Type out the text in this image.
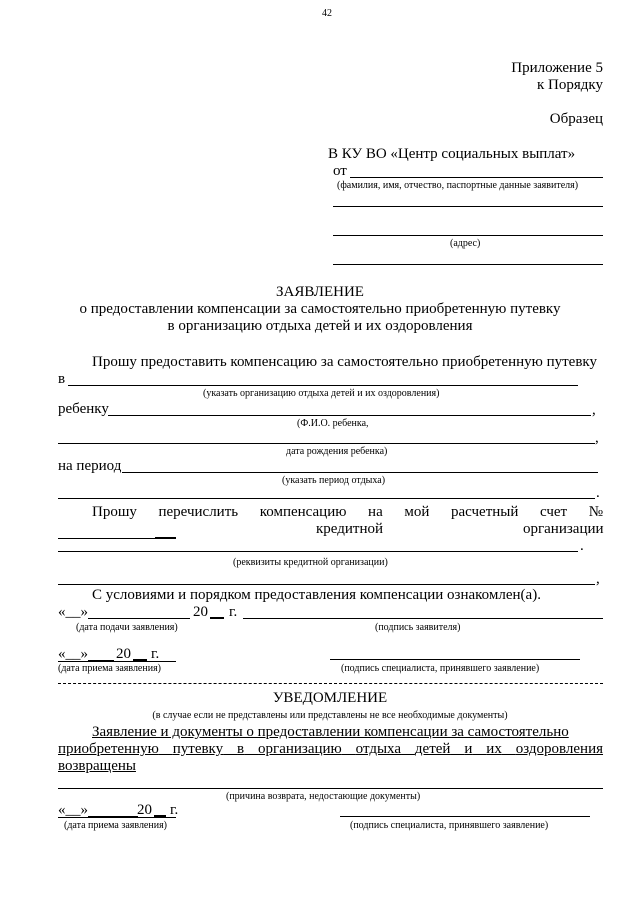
42
Приложение 5
к Порядку
Образец
В КУ ВО «Центр социальных выплат»
от
(фамилия, имя, отчество, паспортные данные заявителя)
(адрес)
ЗАЯВЛЕНИЕ
о предоставлении компенсации за самостоятельно приобретенную путевку
в организацию отдыха детей и их оздоровления
Прошу предоставить компенсацию за самостоятельно приобретенную путевку
в
(указать организацию отдыха детей и их оздоровления)
ребенку	,
(Ф.И.О. ребенка,
,
дата рождения ребенка)
на период
(указать период отдыха)
.
Прошу перечислить компенсацию на мой расчетный счет №
кредитной	организации
.
(реквизиты кредитной организации)
,
С условиями и порядком предоставления компенсации ознакомлен(а).
«__»	20 г.
(дата подачи заявления)	(подпись заявителя)
«__» 20 г.
(дата приема заявления)	(подпись специалиста, принявшего заявление)
УВЕДОМЛЕНИЕ
(в случае если не представлены или представлены не все необходимые документы)
Заявление и документы о предоставлении компенсации за самостоятельно
приобретенную путевку в организацию отдыха детей и их оздоровления
возвращены
(причина возврата, недостающие документы)
«__»	20 г.
(дата приема заявления)	(подпись специалиста, принявшего заявление)
